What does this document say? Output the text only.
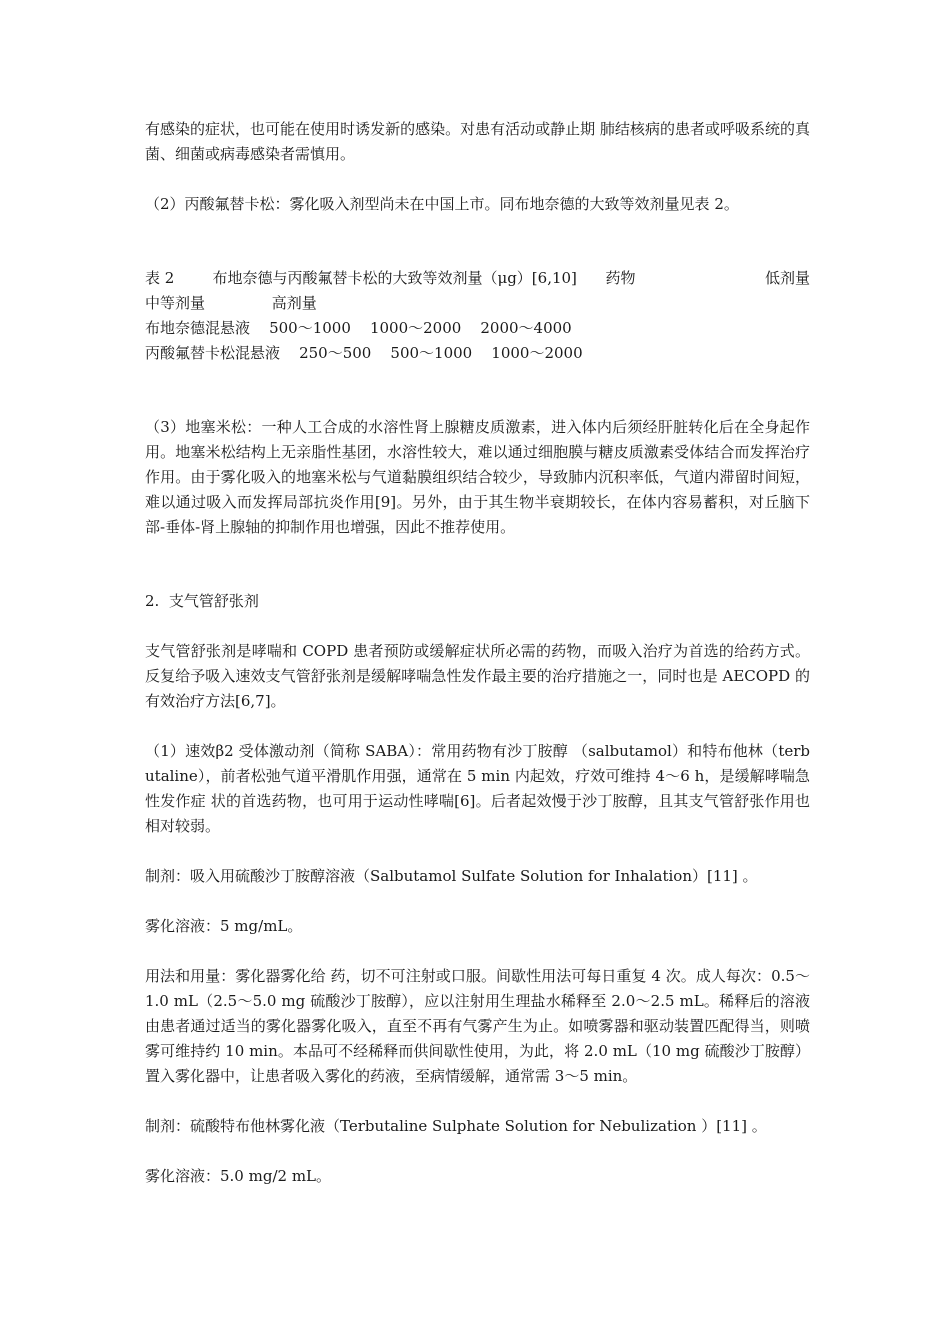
有感染的症状，也可能在使用时诱发新的感染。对患有活动或静止期 肺结核病的患者或呼吸系统的真菌、细菌或病毒感染者需慎用。

（2）丙酸氟替卡松：雾化吸入剂型尚未在中国上市。同布地奈德的大致等效剂量见表 2。

表 2        布地奈德与丙酸氟替卡松的大致等效剂量（μg）[6,10]      药物	低剂量
中等剂量              高剂量
布地奈德混悬液    500～1000    1000～2000    2000～4000
丙酸氟替卡松混悬液    250～500    500～1000    1000～2000

（3）地塞米松：一种人工合成的水溶性肾上腺糖皮质激素，进入体内后须经肝脏转化后在全身起作用。地塞米松结构上无亲脂性基团，水溶性较大，难以通过细胞膜与糖皮质激素受体结合而发挥治疗作用。由于雾化吸入的地塞米松与气道黏膜组织结合较少，导致肺内沉积率低，气道内滞留时间短，难以通过吸入而发挥局部抗炎作用[9]。另外，由于其生物半衰期较长，在体内容易蓄积，对丘脑下部-垂体-肾上腺轴的抑制作用也增强，因此不推荐使用。

2.  支气管舒张剂

支气管舒张剂是哮喘和 COPD 患者预防或缓解症状所必需的药物，而吸入治疗为首选的给药方式。反复给予吸入速效支气管舒张剂是缓解哮喘急性发作最主要的治疗措施之一，同时也是 AECOPD 的有效治疗方法[6,7]。

（1）速效β2 受体激动剂（简称 SABA）：常用药物有沙丁胺醇 （salbutamol）和特布他林（terbutaline），前者松弛气道平滑肌作用强，通常在 5 min 内起效，疗效可维持 4～6 h，是缓解哮喘急性发作症 状的首选药物，也可用于运动性哮喘[6]。后者起效慢于沙丁胺醇，且其支气管舒张作用也相对较弱。

制剂：吸入用硫酸沙丁胺醇溶液（Salbutamol Sulfate Solution for Inhalation）[11] 。

雾化溶液：5 mg/mL。

用法和用量：雾化器雾化给 药，切不可注射或口服。间歇性用法可每日重复 4 次。成人每次：0.5～1.0 mL（2.5～5.0 mg 硫酸沙丁胺醇），应以注射用生理盐水稀释至 2.0～2.5 mL。稀释后的溶液由患者通过适当的雾化器雾化吸入，直至不再有气雾产生为止。如喷雾器和驱动装置匹配得当，则喷雾可维持约 10 min。本品可不经稀释而供间歇性使用，为此，将 2.0 mL（10 mg 硫酸沙丁胺醇）置入雾化器中，让患者吸入雾化的药液，至病情缓解，通常需 3～5 min。

制剂：硫酸特布他林雾化液（Terbutaline Sulphate Solution for Nebulization ）[11] 。

雾化溶液：5.0 mg/2 mL。
